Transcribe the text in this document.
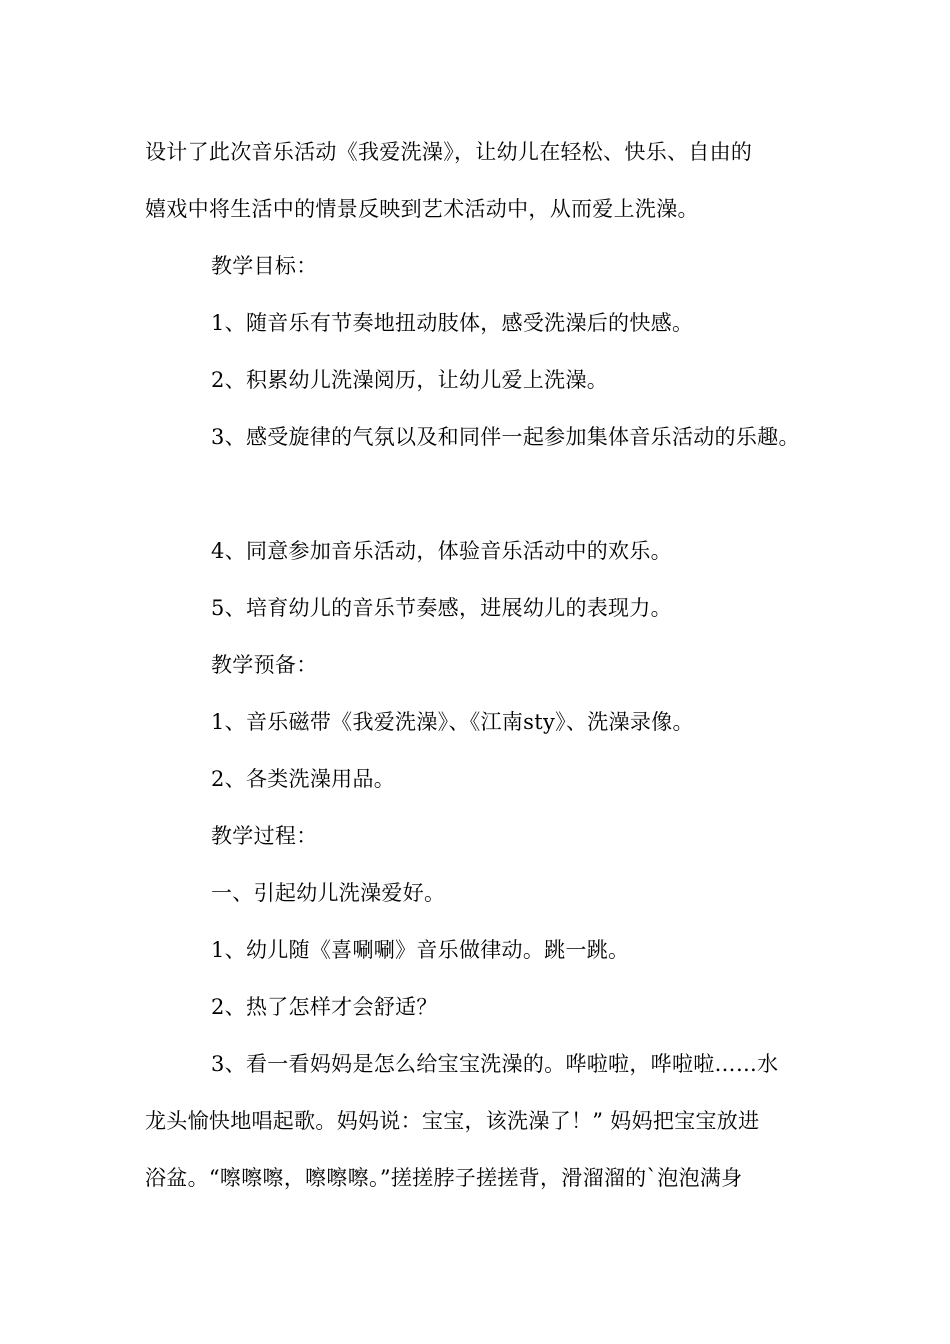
设计了此次音乐活动《我爱洗澡》，让幼儿在轻松、快乐、自由的
嬉戏中将生活中的情景反映到艺术活动中，从而爱上洗澡。
教学目标：
1、随音乐有节奏地扭动肢体，感受洗澡后的快感。
2、积累幼儿洗澡阅历，让幼儿爱上洗澡。
3、感受旋律的气氛以及和同伴一起参加集体音乐活动的乐趣。
4、同意参加音乐活动，体验音乐活动中的欢乐。
5、培育幼儿的音乐节奏感，进展幼儿的表现力。
教学预备：
1、音乐磁带《我爱洗澡》、《江南sty》、洗澡录像。
2、各类洗澡用品。
教学过程：
一、引起幼儿洗澡爱好。
1、幼儿随《喜唰唰》音乐做律动。跳一跳。
2、热了怎样才会舒适？
3、看一看妈妈是怎么给宝宝洗澡的。哗啦啦，哗啦啦……水
龙头愉快地唱起歌。妈妈说：宝宝，该洗澡了！” 妈妈把宝宝放进
浴盆。“嚓嚓嚓，嚓嚓嚓。”搓搓脖子搓搓背，滑溜溜的`泡泡满身
